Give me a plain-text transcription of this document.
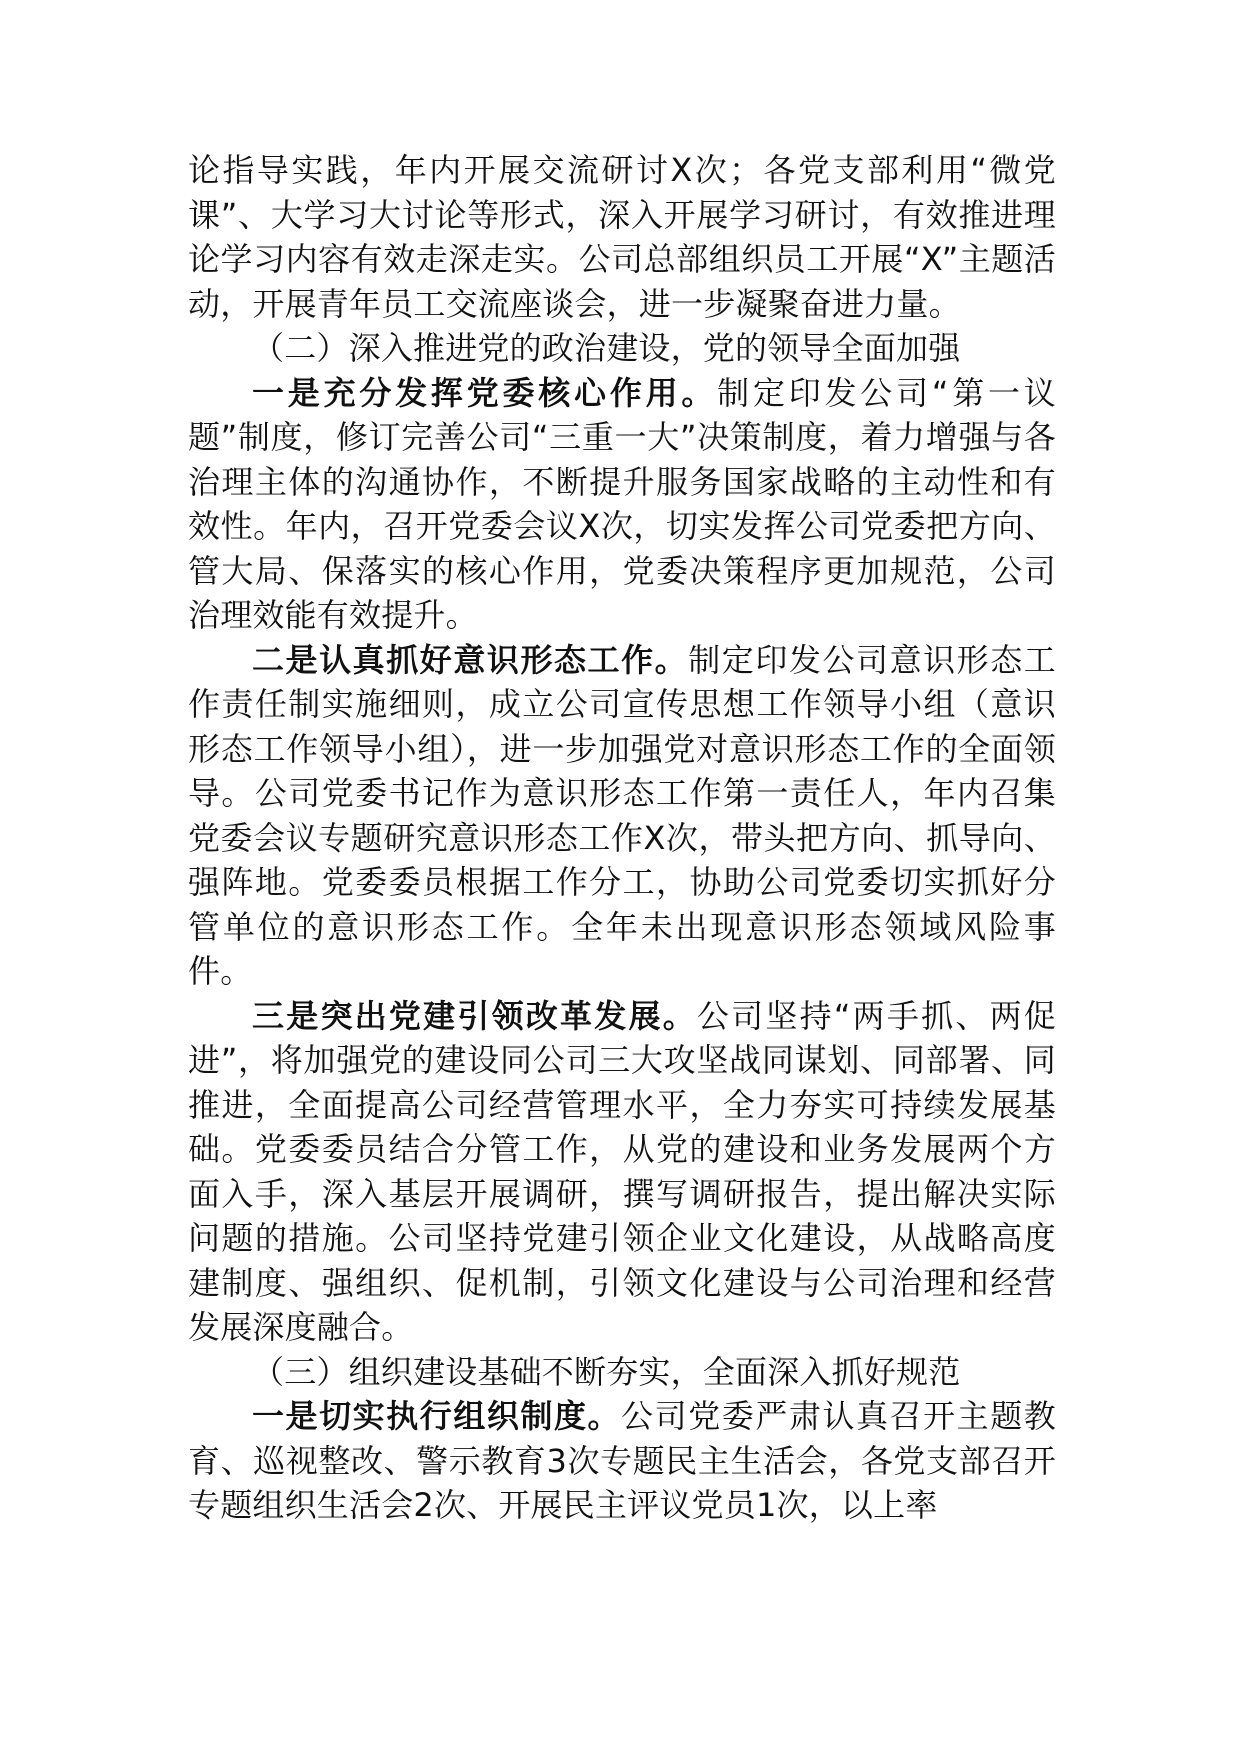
论指导实践，年内开展交流研讨X次；各党支部利用“微党课”、大学习大讨论等形式，深入开展学习研讨，有效推进理论学习内容有效走深走实。公司总部组织员工开展“X”主题活动，开展青年员工交流座谈会，进一步凝聚奋进力量。

（二）深入推进党的政治建设，党的领导全面加强

一是充分发挥党委核心作用。制定印发公司“第一议题”制度，修订完善公司“三重一大”决策制度，着力增强与各治理主体的沟通协作，不断提升服务国家战略的主动性和有效性。年内，召开党委会议X次，切实发挥公司党委把方向、管大局、保落实的核心作用，党委决策程序更加规范，公司治理效能有效提升。

二是认真抓好意识形态工作。制定印发公司意识形态工作责任制实施细则，成立公司宣传思想工作领导小组（意识形态工作领导小组），进一步加强党对意识形态工作的全面领导。公司党委书记作为意识形态工作第一责任人，年内召集党委会议专题研究意识形态工作X次，带头把方向、抓导向、强阵地。党委委员根据工作分工，协助公司党委切实抓好分管单位的意识形态工作。全年未出现意识形态领域风险事件。

三是突出党建引领改革发展。公司坚持“两手抓、两促进”，将加强党的建设同公司三大攻坚战同谋划、同部署、同推进，全面提高公司经营管理水平，全力夯实可持续发展基础。党委委员结合分管工作，从党的建设和业务发展两个方面入手，深入基层开展调研，撰写调研报告，提出解决实际问题的措施。公司坚持党建引领企业文化建设，从战略高度建制度、强组织、促机制，引领文化建设与公司治理和经营发展深度融合。

（三）组织建设基础不断夯实，全面深入抓好规范

一是切实执行组织制度。公司党委严肃认真召开主题教育、巡视整改、警示教育3次专题民主生活会，各党支部召开专题组织生活会2次、开展民主评议党员1次，以上率
